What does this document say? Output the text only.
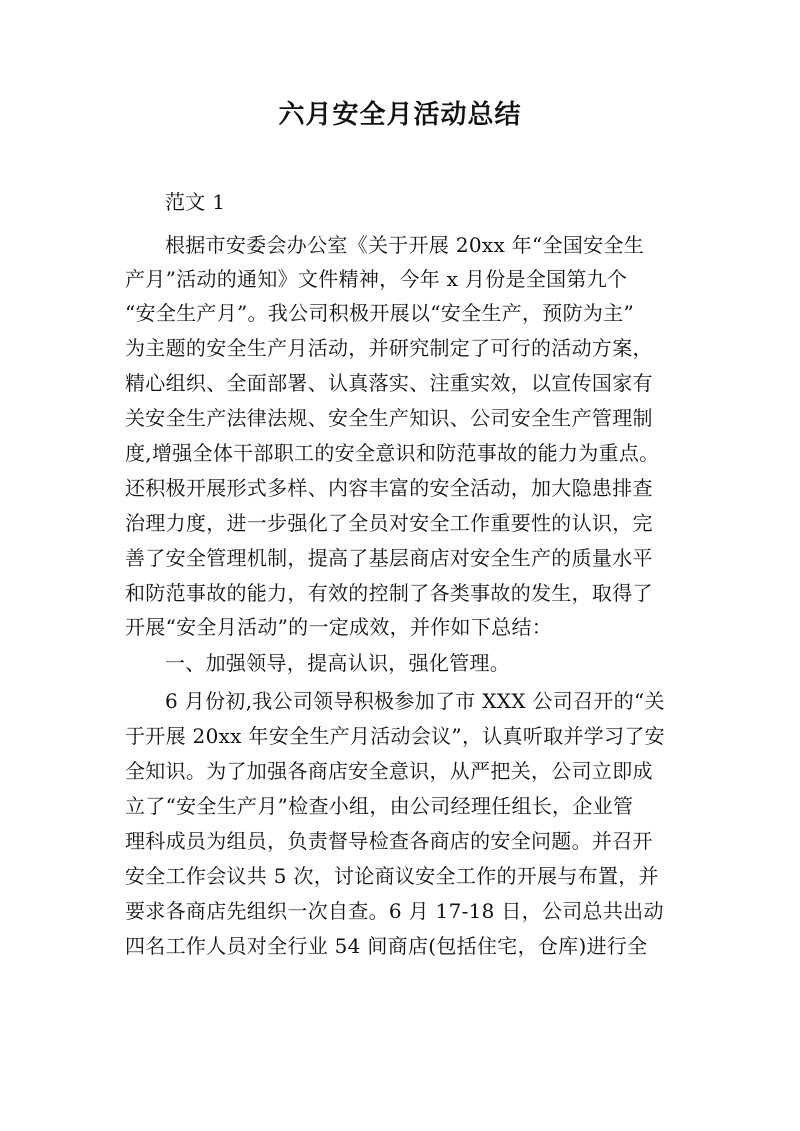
六月安全月活动总结
范文 1
根据市安委会办公室《关于开展 20xx 年“全国安全生
产月”活动的通知》文件精神，今年 x 月份是全国第九个
“安全生产月”。我公司积极开展以“安全生产，预防为主”
为主题的安全生产月活动，并研究制定了可行的活动方案，
精心组织、全面部署、认真落实、注重实效，以宣传国家有
关安全生产法律法规、安全生产知识、公司安全生产管理制
度,增强全体干部职工的安全意识和防范事故的能力为重点。
还积极开展形式多样、内容丰富的安全活动，加大隐患排查
治理力度，进一步强化了全员对安全工作重要性的认识，完
善了安全管理机制，提高了基层商店对安全生产的质量水平
和防范事故的能力，有效的控制了各类事故的发生，取得了
开展“安全月活动”的一定成效，并作如下总结：
一、加强领导，提高认识，强化管理。
6 月份初,我公司领导积极参加了市 XXX 公司召开的“关
于开展 20xx 年安全生产月活动会议”，认真听取并学习了安
全知识。为了加强各商店安全意识，从严把关，公司立即成
立了“安全生产月”检查小组，由公司经理任组长，企业管
理科成员为组员，负责督导检查各商店的安全问题。并召开
安全工作会议共 5 次，讨论商议安全工作的开展与布置，并
要求各商店先组织一次自查。6 月 17-18 日，公司总共出动
四名工作人员对全行业 54 间商店(包括住宅，仓库)进行全
